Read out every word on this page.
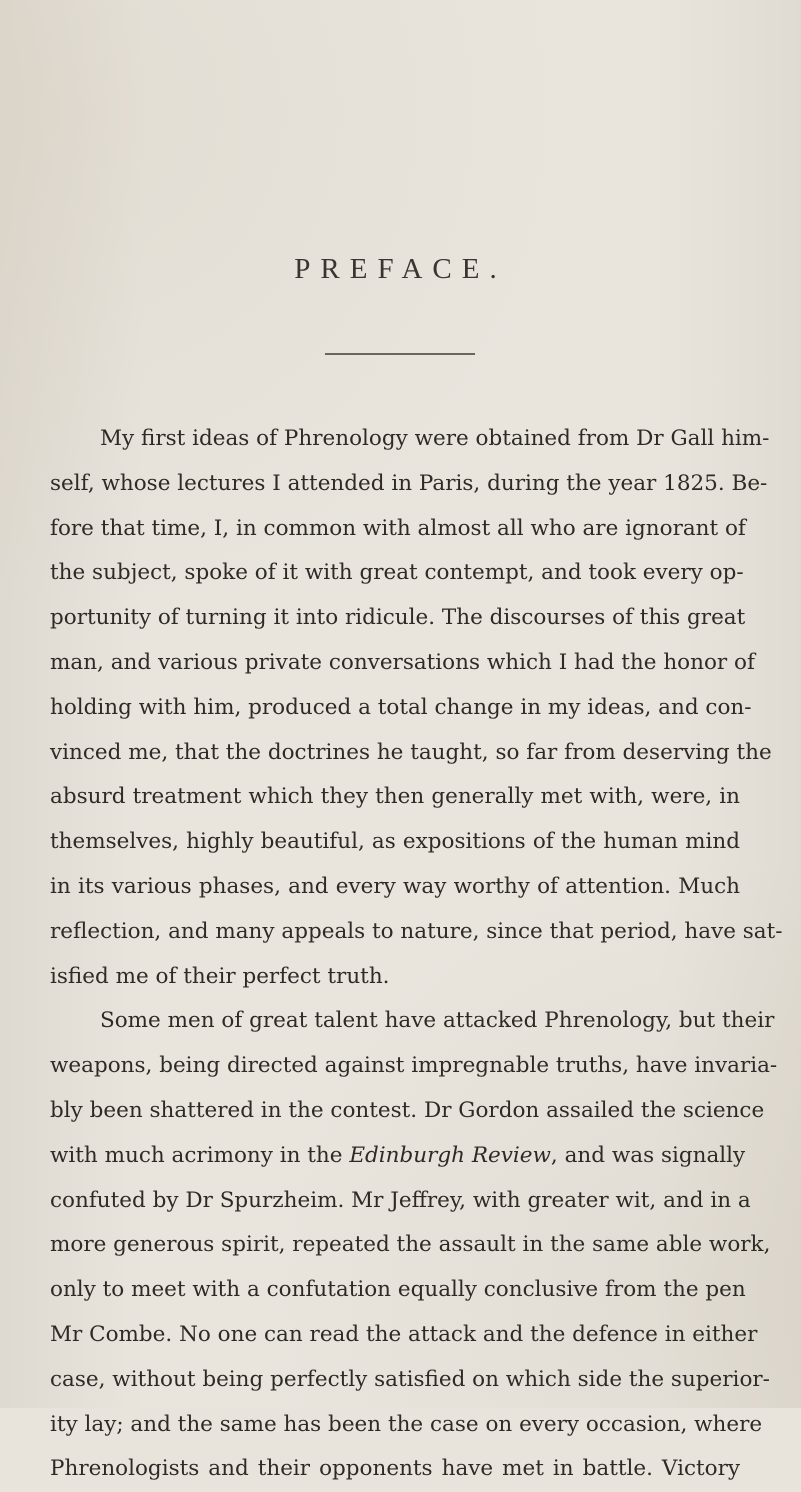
PREFACE.
My first ideas of Phrenology were obtained from Dr Gall him-
self, whose lectures I attended in Paris, during the year 1825. Be-
fore that time, I, in common with almost all who are ignorant of
the subject, spoke of it with great contempt, and took every op-
portunity of turning it into ridicule. The discourses of this great
man, and various private conversations which I had the honor of
holding with him, produced a total change in my ideas, and con-
vinced me, that the doctrines he taught, so far from deserving the
absurd treatment which they then generally met with, were, in
themselves, highly beautiful, as expositions of the human mind
in its various phases, and every way worthy of attention. Much
reflection, and many appeals to nature, since that period, have sat-
isfied me of their perfect truth.
Some men of great talent have attacked Phrenology, but their
weapons, being directed against impregnable truths, have invaria-
bly been shattered in the contest. Dr Gordon assailed the science
with much acrimony in the Edinburgh Review, and was signally
confuted by Dr Spurzheim. Mr Jeffrey, with greater wit, and in a
more generous spirit, repeated the assault in the same able work,
only to meet with a confutation equally conclusive from the pen
Mr Combe. No one can read the attack and the defence in either
case, without being perfectly satisfied on which side the superior-
ity lay; and the same has been the case on every occasion, where
Phrenologists and their opponents have met in battle. Victory
